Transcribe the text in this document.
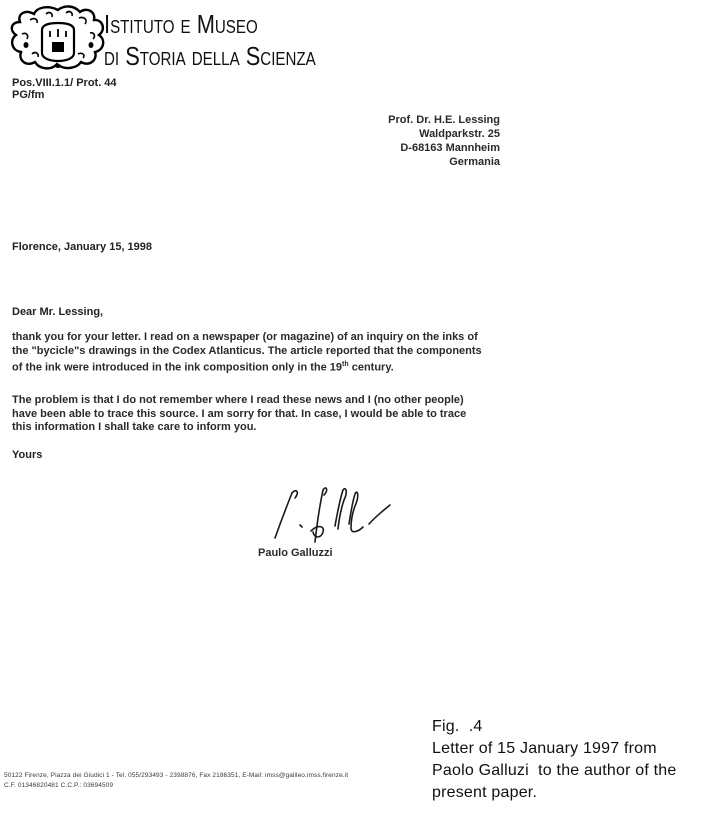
Istituto e Museo
di Storia della Scienza
Pos.VIII.1.1/ Prot. 44
PG/fm
Prof. Dr. H.E. Lessing
Waldparkstr. 25
D-68163 Mannheim
Germania
Florence, January 15, 1998
Dear Mr. Lessing,
thank you for your letter. I read on a newspaper (or magazine) of an inquiry on the inks of
the "bycicle"s drawings in the Codex Atlanticus. The article reported that the components
of the ink were introduced in the ink composition only in the 19th century.
The problem is that I do not remember where I read these news and I (no other people)
have been able to trace this source. I am sorry for that. In case, I would be able to trace
this information I shall take care to inform you.
Yours
Paulo Galluzzi
50122 Firenze, Piazza dei Giudici 1 - Tel. 055/293493 - 2398876, Fax 2186351, E-Mail: imss@galileo.imss.firenze.it
C.F. 01346820481 C.C.P.: 03694509
Fig.  .4
Letter of 15 January 1997 from
Paolo Galluzi  to the author of the
present paper.
